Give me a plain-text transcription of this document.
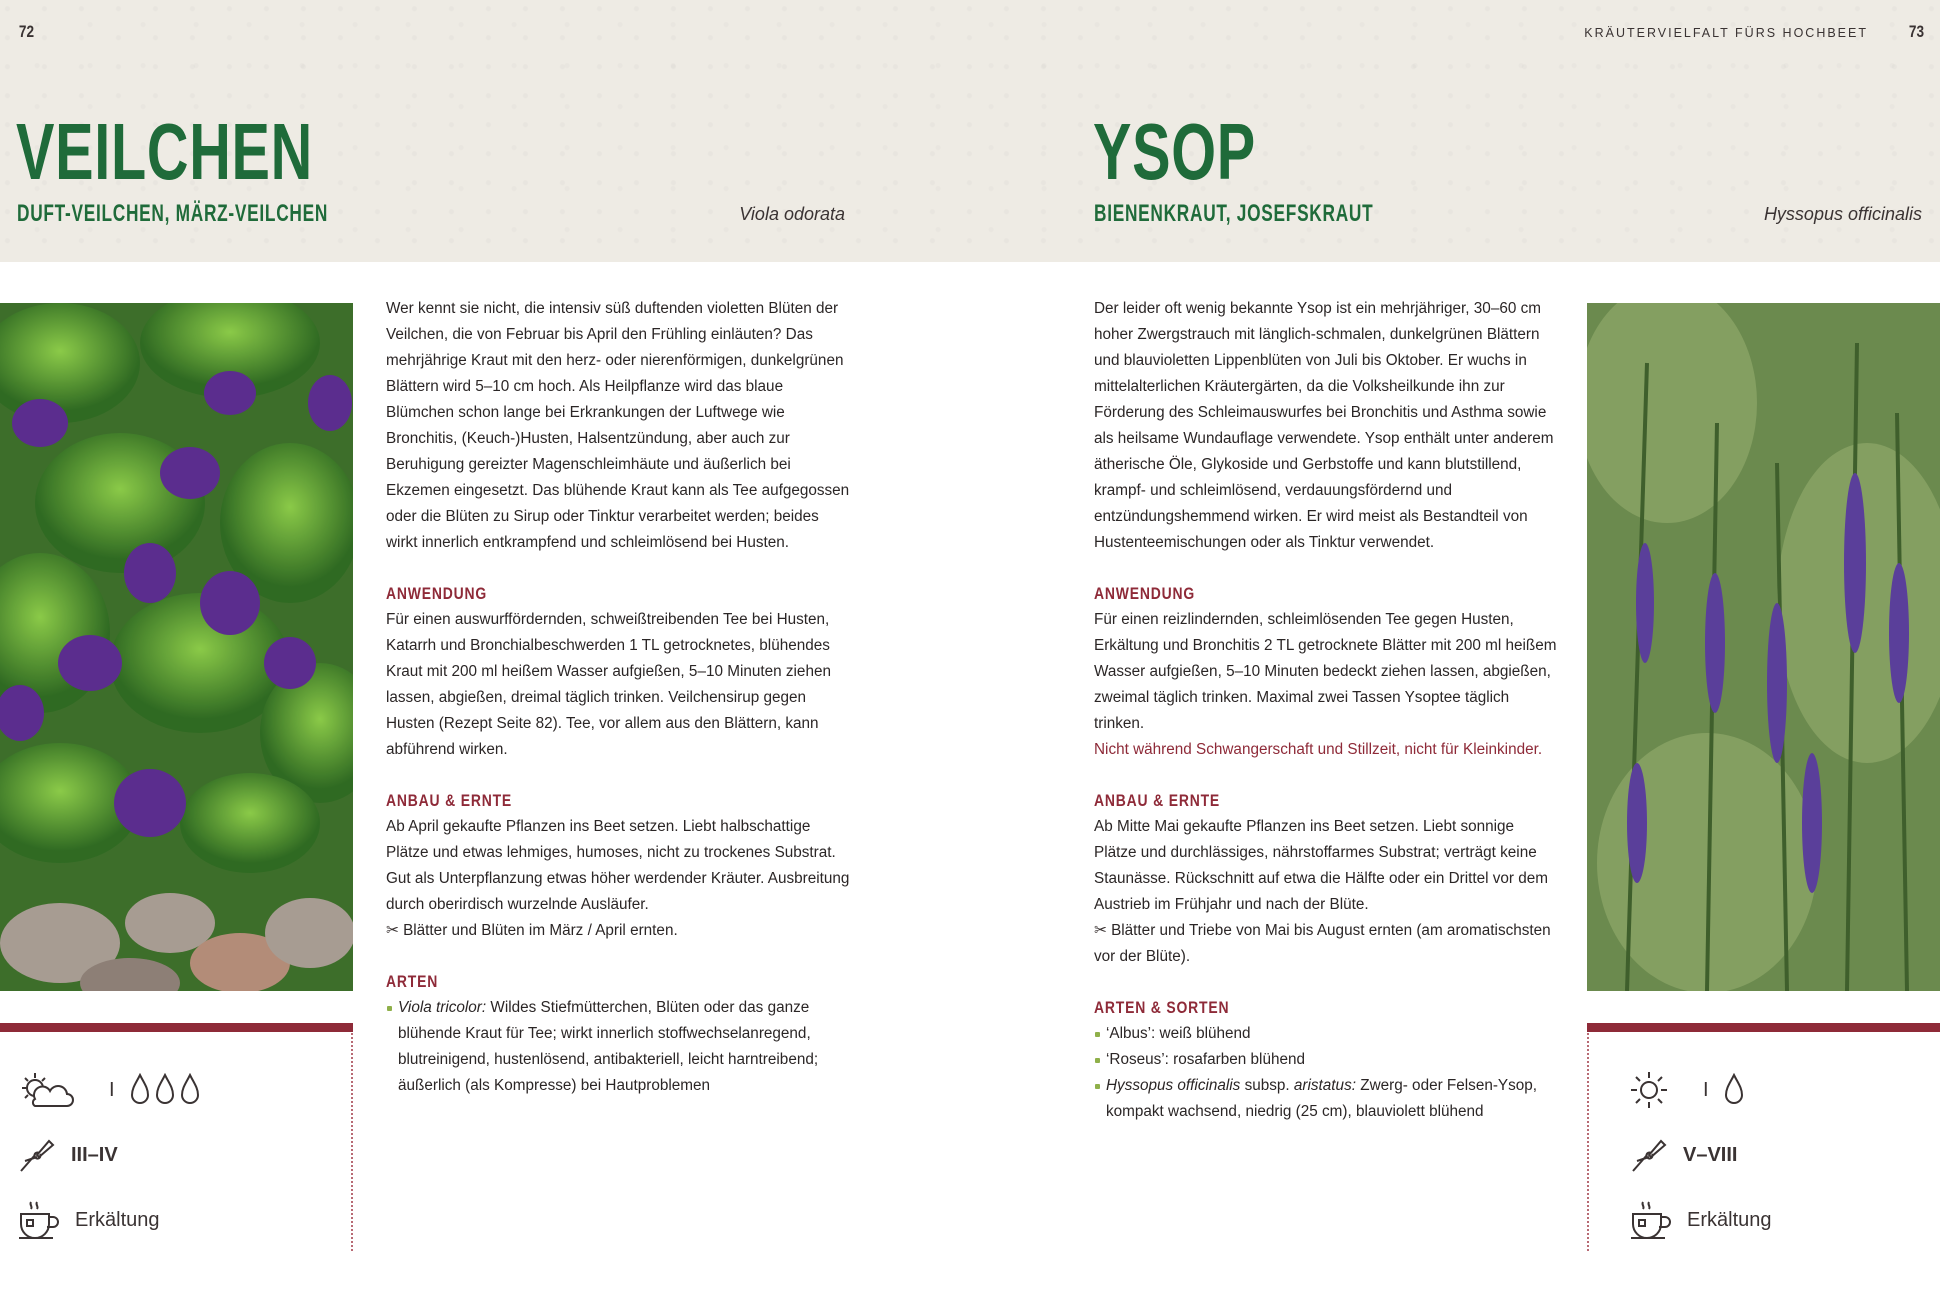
72	KRÄUTERVIELFALT FÜRS HOCHBEET 73
VEILCHEN
DUFT-VEILCHEN, MÄRZ-VEILCHEN	Viola odorata
I
III–IV
Erkältung

Wer kennt sie nicht, die intensiv süß duftenden violetten Blüten der Veilchen, die von Februar bis April den Frühling einläuten? Das mehrjährige Kraut mit den herz- oder nierenförmigen, dunkelgrünen Blättern wird 5–10 cm hoch. Als Heilpflanze wird das blaue Blümchen schon lange bei Erkrankungen der Luftwege wie Bronchitis, (Keuch-)Husten, Halsentzündung, aber auch zur Beruhigung gereizter Magenschleimhäute und äußerlich bei Ekzemen eingesetzt. Das blühende Kraut kann als Tee aufgegossen oder die Blüten zu Sirup oder Tinktur verarbeitet werden; beides wirkt innerlich entkrampfend und schleimlösend bei Husten.

ANWENDUNG

Für einen auswurffördernden, schweißtreibenden Tee bei Husten, Katarrh und Bronchialbeschwerden 1 TL getrocknetes, blühendes Kraut mit 200 ml heißem Wasser aufgießen, 5–10 Minuten ziehen lassen, abgießen, dreimal täglich trinken. Veilchensirup gegen Husten (Rezept Seite 82). Tee, vor allem aus den Blättern, kann abführend wirken.

ANBAU & ERNTE

Ab April gekaufte Pflanzen ins Beet setzen. Liebt halbschattige Plätze und etwas lehmiges, humoses, nicht zu trockenes Substrat. Gut als Unterpflanzung etwas höher werdender Kräuter. Ausbreitung durch oberirdisch wurzelnde Ausläufer.

✂ Blätter und Blüten im März / April ernten.

ARTEN

Viola tricolor: Wildes Stiefmütterchen, Blüten oder das ganze blühende Kraut für Tee; wirkt innerlich stoffwechselanregend, blutreinigend, hustenlösend, antibakteriell, leicht harntreibend; äußerlich (als Kompresse) bei Hautproblemen

YSOP
BIENENKRAUT, JOSEFSKRAUT	Hyssopus officinalis

Der leider oft wenig bekannte Ysop ist ein mehrjähriger, 30–60 cm hoher Zwergstrauch mit länglich-schmalen, dunkelgrünen Blättern und blauvioletten Lippenblüten von Juli bis Oktober. Er wuchs in mittelalterlichen Kräutergärten, da die Volksheilkunde ihn zur Förderung des Schleimauswurfes bei Bronchitis und Asthma sowie als heilsame Wundauflage verwendete. Ysop enthält unter anderem ätherische Öle, Glykoside und Gerbstoffe und kann blutstillend, krampf- und schleimlösend, verdauungsfördernd und entzündungshemmend wirken. Er wird meist als Bestandteil von Hustenteemischungen oder als Tinktur verwendet.

ANWENDUNG

Für einen reizlindernden, schleimlösenden Tee gegen Husten, Erkältung und Bronchitis 2 TL getrocknete Blätter mit 200 ml heißem Wasser aufgießen, 5–10 Minuten bedeckt ziehen lassen, abgießen, zweimal täglich trinken. Maximal zwei Tassen Ysoptee täglich trinken.

Nicht während Schwangerschaft und Stillzeit, nicht für Kleinkinder.

ANBAU & ERNTE

Ab Mitte Mai gekaufte Pflanzen ins Beet setzen. Liebt sonnige Plätze und durchlässiges, nährstoffarmes Substrat; verträgt keine Staunässe. Rückschnitt auf etwa die Hälfte oder ein Drittel vor dem Austrieb im Frühjahr und nach der Blüte.

✂ Blätter und Triebe von Mai bis August ernten (am aromatischsten vor der Blüte).

ARTEN & SORTEN

‘Albus’: weiß blühend

‘Roseus’: rosafarben blühend

Hyssopus officinalis subsp. aristatus: Zwerg- oder Felsen-Ysop, kompakt wachsend, niedrig (25 cm), blauviolett blühend

I
V–VIII
Erkältung
